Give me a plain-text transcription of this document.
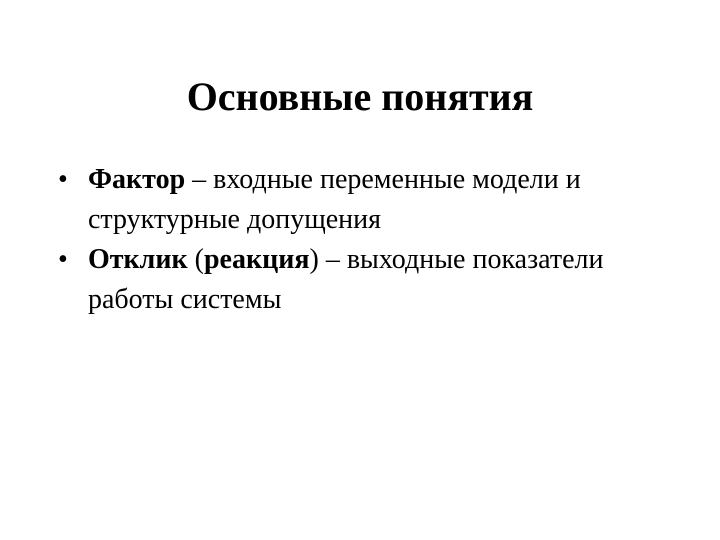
Основные понятия
• Фактор – входные переменные модели и структурные допущения
• Отклик (реакция) – выходные показатели работы системы
